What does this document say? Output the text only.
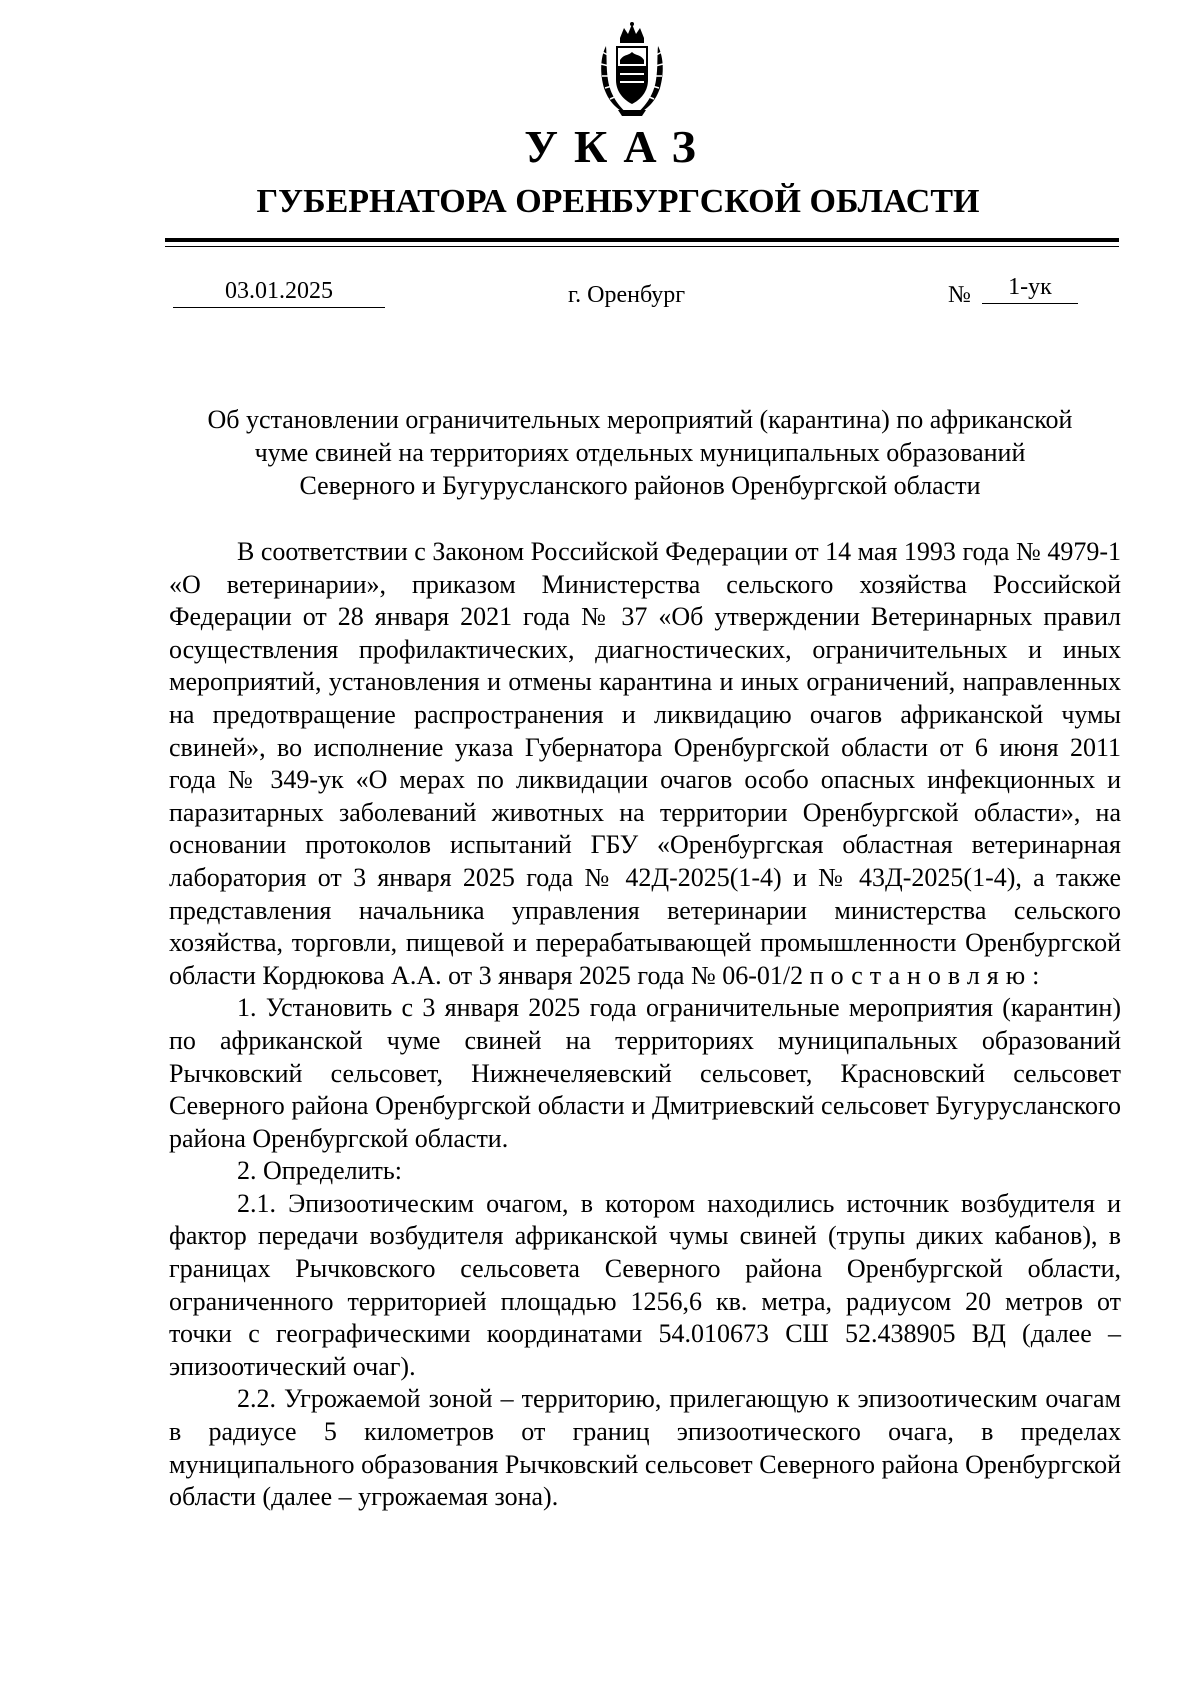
УКАЗ
ГУБЕРНАТОРА ОРЕНБУРГСКОЙ ОБЛАСТИ
03.01.2025	г. Оренбург	№	1-ук
Об установлении ограничительных мероприятий (карантина) по африканской
чуме свиней на территориях отдельных муниципальных образований
Северного и Бугурусланского районов Оренбургской области

В соответствии с Законом Российской Федерации от 14 мая 1993 года № 4979-1 «О ветеринарии», приказом Министерства сельского хозяйства Российской Федерации от 28 января 2021 года № 37 «Об утверждении Ветеринарных правил осуществления профилактических, диагностических, ограничительных и иных мероприятий, установления и отмены карантина и иных ограничений, направленных на предотвращение распространения и ликвидацию очагов африканской чумы свиней», во исполнение указа Губернатора Оренбургской области от 6 июня 2011 года № 349-ук «О мерах по ликвидации очагов особо опасных инфекционных и паразитарных заболеваний животных на территории Оренбургской области», на основании протоколов испытаний ГБУ «Оренбургская областная ветеринарная лаборатория от 3 января 2025 года № 42Д-2025(1-4) и № 43Д-2025(1-4), а также представления начальника управления ветеринарии министерства сельского хозяйства, торговли, пищевой и перерабатывающей промышленности Оренбургской области Кордюкова А.А. от 3 января 2025 года № 06-01/2 постановляю:

1. Установить с 3 января 2025 года ограничительные мероприятия (карантин) по африканской чуме свиней на территориях муниципальных образований Рычковский сельсовет, Нижнечеляевский сельсовет, Красновский сельсовет Северного района Оренбургской области и Дмитриевский сельсовет Бугурусланского района Оренбургской области.

2. Определить:

2.1. Эпизоотическим очагом, в котором находились источник возбудителя и фактор передачи возбудителя африканской чумы свиней (трупы диких кабанов), в границах Рычковского сельсовета Северного района Оренбургской области, ограниченного территорией площадью 1256,6 кв. метра, радиусом 20 метров от точки с географическими координатами 54.010673 СШ 52.438905 ВД (далее – эпизоотический очаг).

2.2. Угрожаемой зоной – территорию, прилегающую к эпизоотическим очагам в радиусе 5 километров от границ эпизоотического очага, в пределах муниципального образования Рычковский сельсовет Северного района Оренбургской области (далее – угрожаемая зона).
